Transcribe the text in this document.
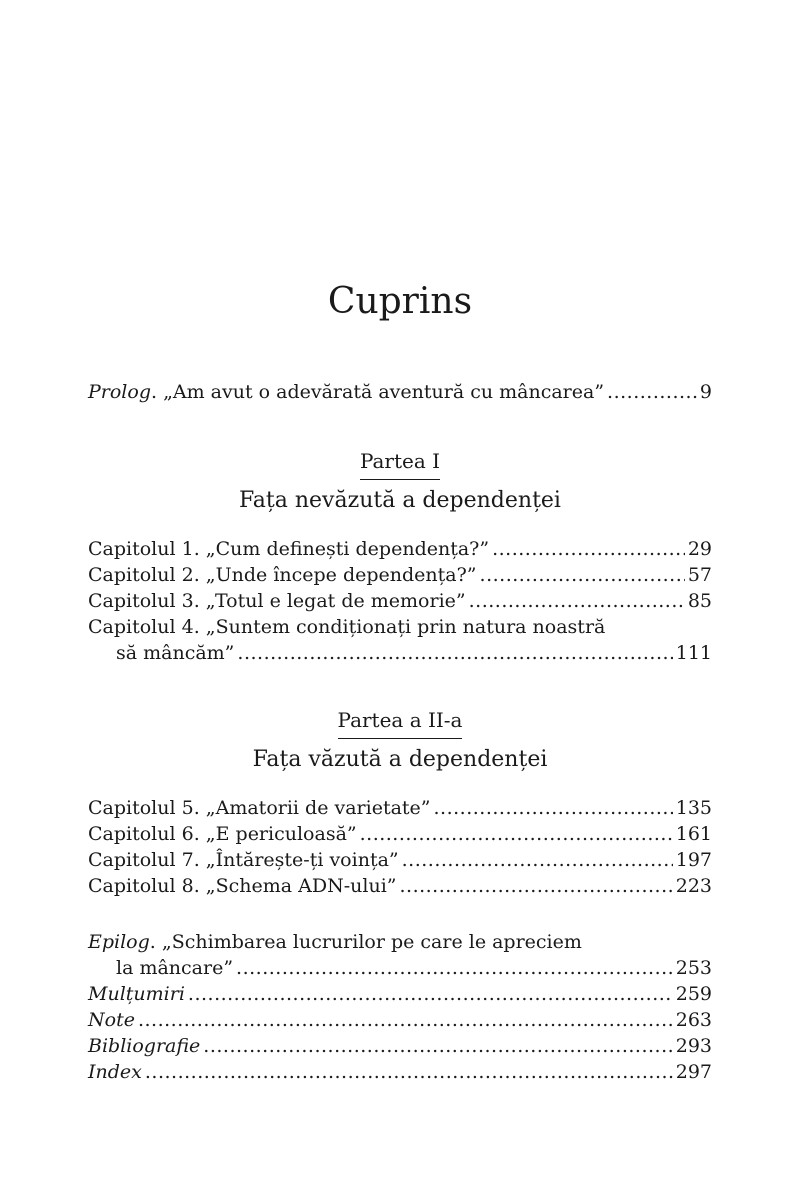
Cuprins
Prolog. „Am avut o adevărată aventură cu mâncarea” .....	9
Partea I
Fața nevăzută a dependenței
Capitolul 1. „Cum definești dependența?” .....	29
Capitolul 2. „Unde începe dependența?” .....	57
Capitolul 3. „Totul e legat de memorie” .....	85
Capitolul 4. „Suntem condiționați prin natura noastră
să mâncăm” .....	111
Partea a II-a
Fața văzută a dependenței
Capitolul 5. „Amatorii de varietate” .....	135
Capitolul 6. „E periculoasă” .....	161
Capitolul 7. „Întărește-ți voința” .....	197
Capitolul 8. „Schema ADN-ului” .....	223
Epilog. „Schimbarea lucrurilor pe care le apreciem
la mâncare” .....	253
Mulțumiri .....	259
Note .....	263
Bibliografie .....	293
Index .....	297
